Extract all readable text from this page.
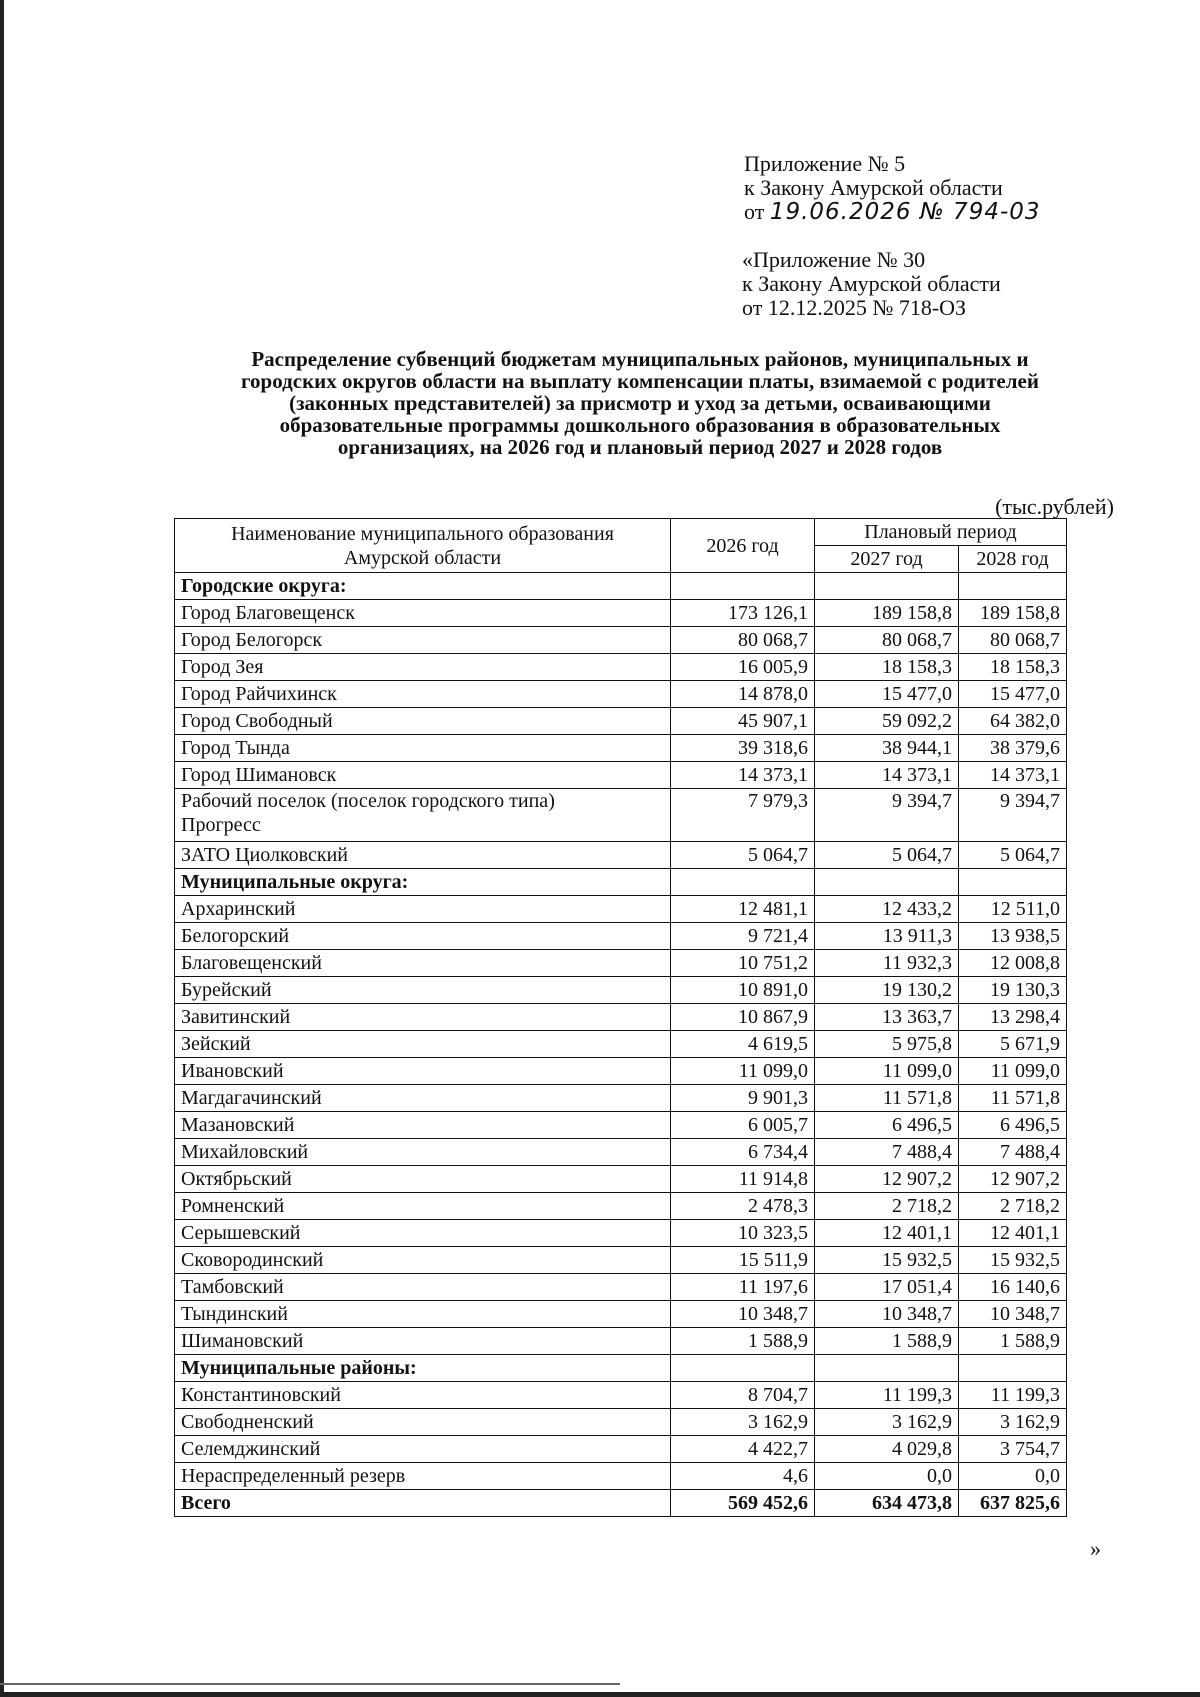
Приложение № 5
к Закону Амурской области
от 19.06.2026 № 794-03
«Приложение № 30
к Закону Амурской области
от 12.12.2025 № 718-ОЗ
Распределение субвенций бюджетам муниципальных районов, муниципальных и
городских округов области на выплату компенсации платы, взимаемой с родителей
(законных представителей) за присмотр и уход за детьми, осваивающими
образовательные программы дошкольного образования в образовательных
организациях, на 2026 год и плановый период 2027 и 2028 годов
(тыс.рублей)
Наименование муниципального образования
Амурской области	2026 год	Плановый период	
		2027 год	2028 год
Городские округа:			
Город Благовещенск	173 126,1	189 158,8	189 158,8
Город Белогорск	80 068,7	80 068,7	80 068,7
Город Зея	16 005,9	18 158,3	18 158,3
Город Райчихинск	14 878,0	15 477,0	15 477,0
Город Свободный	45 907,1	59 092,2	64 382,0
Город Тында	39 318,6	38 944,1	38 379,6
Город Шимановск	14 373,1	14 373,1	14 373,1

Рабочий поселок (поселок городского типа)
Прогресс	7 979,3	9 394,7	9 394,7
ЗАТО Циолковский	5 064,7	5 064,7	5 064,7
Муниципальные округа:			
Архаринский	12 481,1	12 433,2	12 511,0
Белогорский	9 721,4	13 911,3	13 938,5
Благовещенский	10 751,2	11 932,3	12 008,8
Бурейский	10 891,0	19 130,2	19 130,3
Завитинский	10 867,9	13 363,7	13 298,4
Зейский	4 619,5	5 975,8	5 671,9
Ивановский	11 099,0	11 099,0	11 099,0
Магдагачинский	9 901,3	11 571,8	11 571,8
Мазановский	6 005,7	6 496,5	6 496,5
Михайловский	6 734,4	7 488,4	7 488,4
Октябрьский	11 914,8	12 907,2	12 907,2
Ромненский	2 478,3	2 718,2	2 718,2
Серышевский	10 323,5	12 401,1	12 401,1
Сковородинский	15 511,9	15 932,5	15 932,5
Тамбовский	11 197,6	17 051,4	16 140,6
Тындинский	10 348,7	10 348,7	10 348,7
Шимановский	1 588,9	1 588,9	1 588,9
Муниципальные районы:			
Константиновский	8 704,7	11 199,3	11 199,3
Свободненский	3 162,9	3 162,9	3 162,9
Селемджинский	4 422,7	4 029,8	3 754,7
Нераспределенный резерв	4,6	0,0	0,0
Всего	569 452,6	634 473,8	637 825,6
»
